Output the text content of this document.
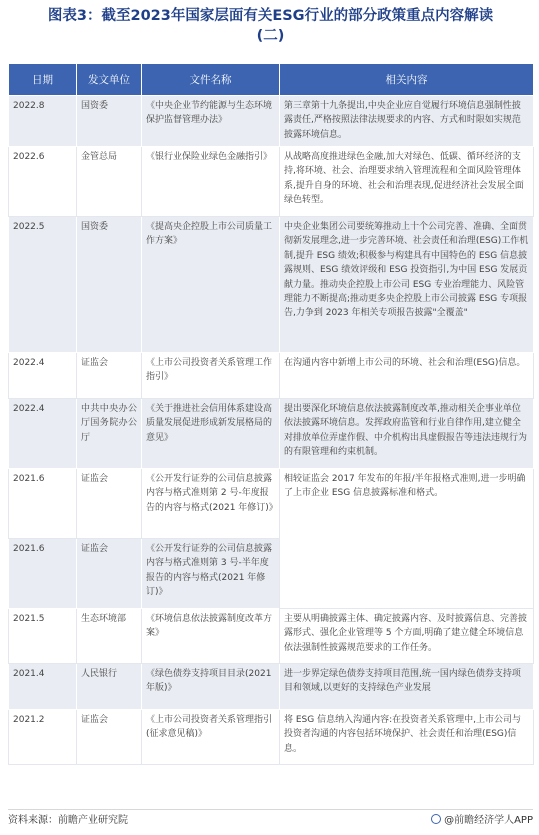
图表3：截至2023年国家层面有关ESG行业的部分政策重点内容解读
(二)
日期	发文单位	文件名称	相关内容
2022.8	国资委	《中央企业节约能源与生态环境保护监督管理办法》	第三章第十九条提出,中央企业应自觉履行环境信息强制性披露责任,严格按照法律法规要求的内容、方式和时限如实规范披露环境信息。
2022.6	金管总局	《银行业保险业绿色金融指引》	从战略高度推进绿色金融,加大对绿色、低碳、循环经济的支持,将环境、社会、治理要求纳入管理流程和全面风险管理体系,提升自身的环境、社会和治理表现,促进经济社会发展全面绿色转型。
2022.5	国资委	《提高央企控股上市公司质量工作方案》	中央企业集团公司要统筹推动上十个公司完善、准确、全面贯彻新发展理念,进一步完善环境、社会责任和治理(ESG)工作机制,提升 ESG 绩效;积极参与构建具有中国特色的 ESG 信息披露规则、ESG 绩效评级和 ESG 投资指引,为中国 ESG 发展贡献力量。推动央企控股上市公司 ESG 专业治理能力、风险管理能力不断提高;推动更多央企控股上市公司披露 ESG 专项报告,力争到 2023 年相关专项报告披露"全覆盖"
2022.4	证监会	《上市公司投资者关系管理工作指引》	在沟通内容中新增上市公司的环境、社会和治理(ESG)信息。
2022.4	中共中央办公厅国务院办公厅	《关于推进社会信用体系建设高质量发展促进形成新发展格局的意见》	提出要深化环境信息依法披露制度改革,推动相关企事业单位依法披露环境信息。发挥政府监管和行业自律作用,建立健全对排放单位弄虚作假、中介机构出具虚假报告等违法违规行为的有限管理和约束机制。
2021.6	证监会	《公开发行证券的公司信息披露内容与格式准则第 2 号-年度报告的内容与格式(2021 年修订)》	相较证监会 2017 年发布的年报/半年报格式准则,进一步明确了上市企业 ESG 信息披露标准和格式。
2021.6	证监会	《公开发行证券的公司信息披露内容与格式准则第 3 号-半年度报告的内容与格式(2021 年修订)》	
2021.5	生态环境部	《环境信息依法披露制度改革方案》	主要从明确披露主体、确定披露内容、及时披露信息、完善披露形式、强化企业管理等 5 个方面,明确了建立健全环境信息依法强制性披露规范要求的工作任务。
2021.4	人民银行	《绿色债券支持项目目录(2021 年版)》	进一步界定绿色债券支持项目范围,统一国内绿色债券支持项目和领域,以更好的支持绿色产业发展
2021.2	证监会	《上市公司投资者关系管理指引(征求意见稿)》	将 ESG 信息纳入沟通内容:在投资者关系管理中,上市公司与投资者沟通的内容包括环境保护、社会责任和治理(ESG)信息。
资料来源：前瞻产业研究院	@前瞻经济学人APP
